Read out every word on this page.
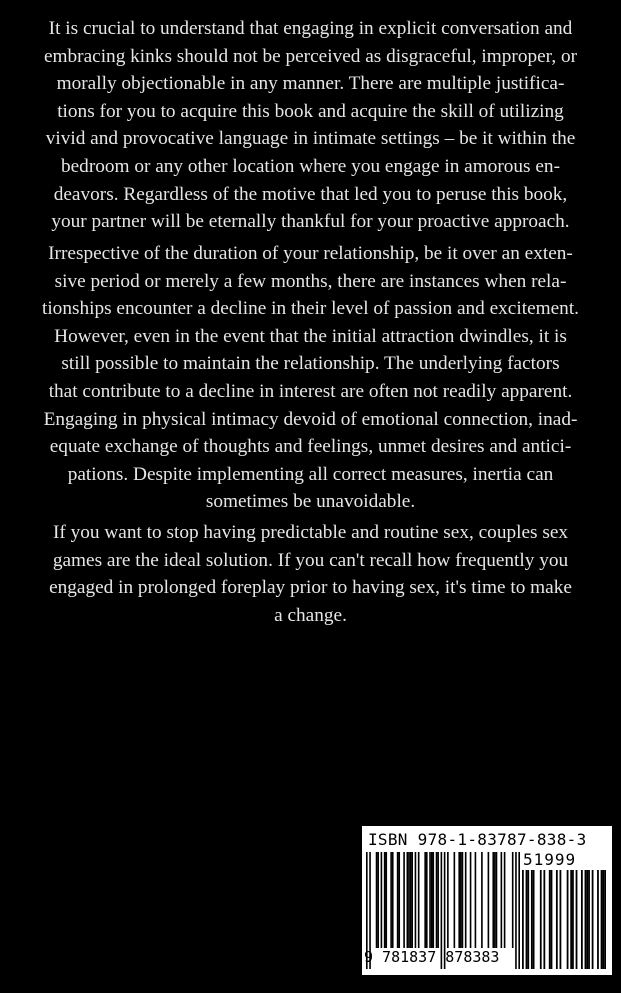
It is crucial to understand that engaging in explicit conversation and
embracing kinks should not be perceived as disgraceful, improper, or
morally objectionable in any manner. There are multiple justifica-
tions for you to acquire this book and acquire the skill of utilizing
vivid and provocative language in intimate settings – be it within the
bedroom or any other location where you engage in amorous en-
deavors. Regardless of the motive that led you to peruse this book,
your partner will be eternally thankful for your proactive approach.
Irrespective of the duration of your relationship, be it over an exten-
sive period or merely a few months, there are instances when rela-
tionships encounter a decline in their level of passion and excitement.
However, even in the event that the initial attraction dwindles, it is
still possible to maintain the relationship. The underlying factors
that contribute to a decline in interest are often not readily apparent.
Engaging in physical intimacy devoid of emotional connection, inad-
equate exchange of thoughts and feelings, unmet desires and antici-
pations. Despite implementing all correct measures, inertia can
sometimes be unavoidable.
If you want to stop having predictable and routine sex, couples sex
games are the ideal solution. If you can't recall how frequently you
engaged in prolonged foreplay prior to having sex, it's time to make
a change.
ISBN 978-1-83787-838-3
9 781837 878383
51999
